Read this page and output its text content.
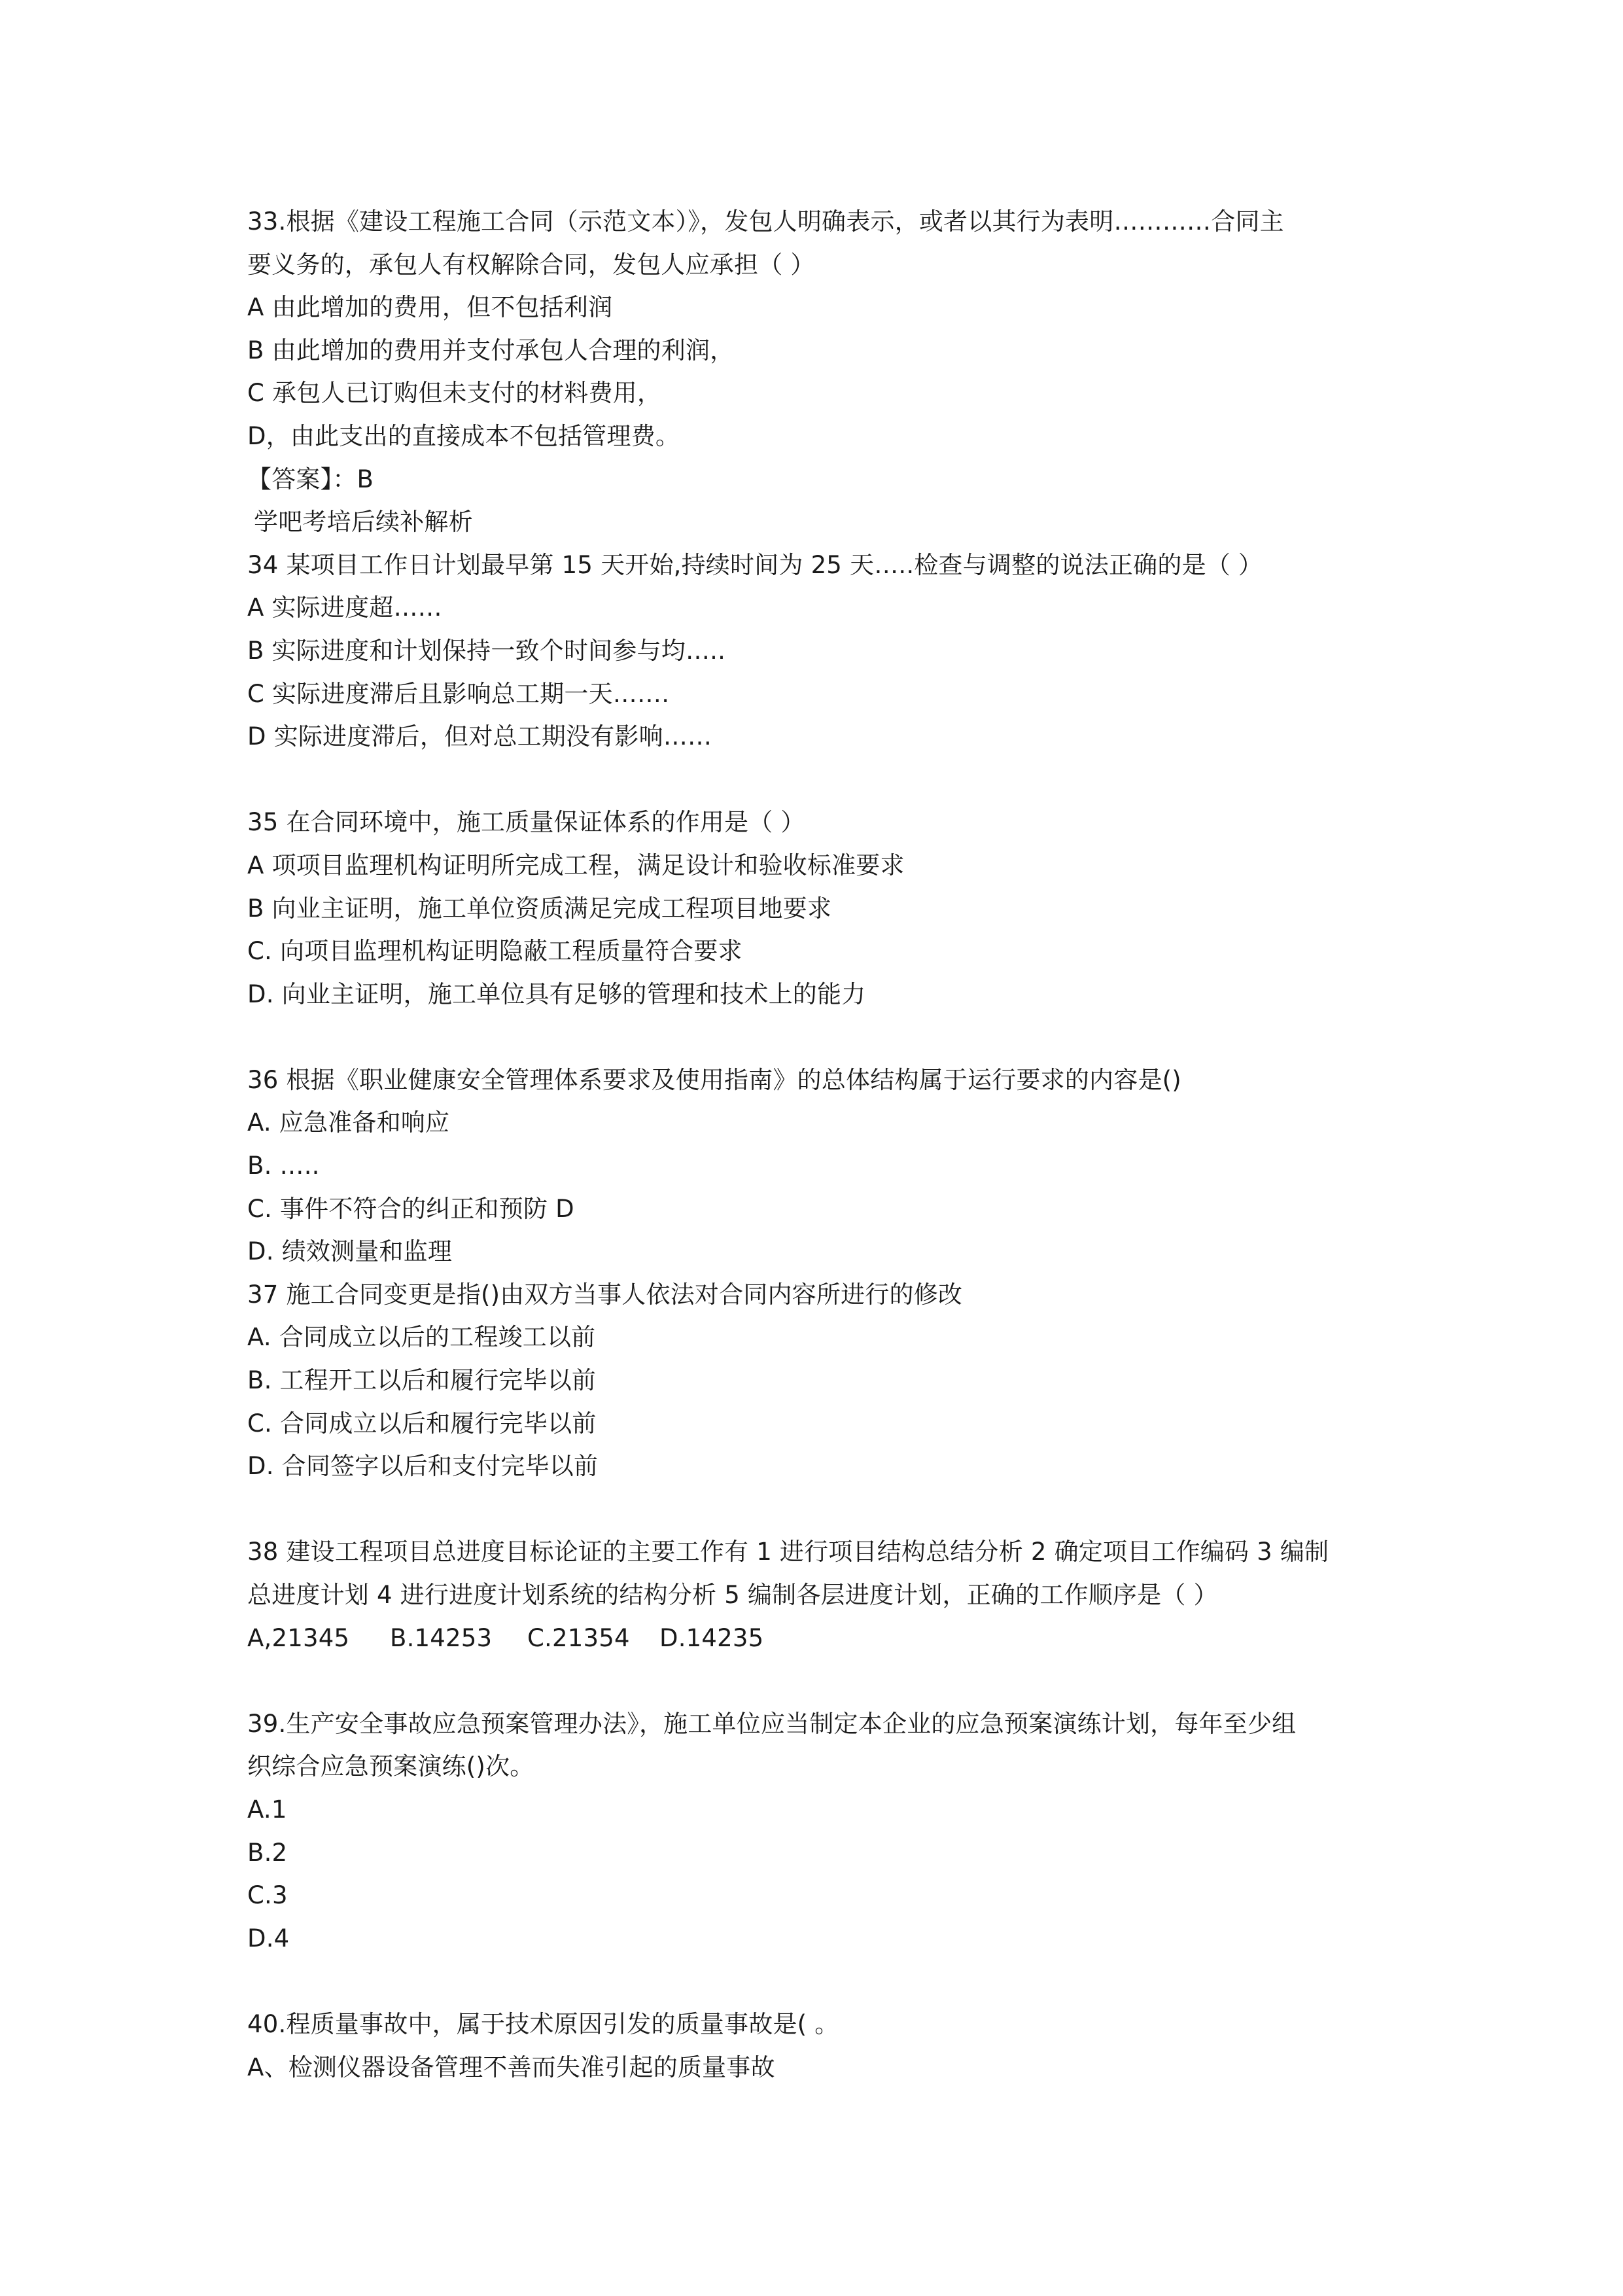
33.根据《建设工程施工合同（示范文本）》，发包人明确表示，或者以其行为表明…………合同主
要义务的，承包人有权解除合同，发包人应承担（ ）
A 由此增加的费用，但不包括利润
B 由此增加的费用并支付承包人合理的利润，
C 承包人已订购但未支付的材料费用，
D，由此支出的直接成本不包括管理费。
【答案】：B
学吧考培后续补解析
34 某项目工作日计划最早第 15 天开始,持续时间为 25 天…..检查与调整的说法正确的是（ ）
A 实际进度超……
B 实际进度和计划保持一致个时间参与均…..
C 实际进度滞后且影响总工期一天…….
D 实际进度滞后，但对总工期没有影响……
35 在合同环境中，施工质量保证体系的作用是（ ）
A 项项目监理机构证明所完成工程，满足设计和验收标准要求
B 向业主证明，施工单位资质满足完成工程项目地要求
C. 向项目监理机构证明隐蔽工程质量符合要求
D. 向业主证明，施工单位具有足够的管理和技术上的能力
36 根据《职业健康安全管理体系要求及使用指南》的总体结构属于运行要求的内容是()
A. 应急准备和响应
B. …..
C. 事件不符合的纠正和预防 D
D. 绩效测量和监理
37 施工合同变更是指()由双方当事人依法对合同内容所进行的修改
A. 合同成立以后的工程竣工以前
B. 工程开工以后和履行完毕以前
C. 合同成立以后和履行完毕以前
D. 合同签字以后和支付完毕以前
38 建设工程项目总进度目标论证的主要工作有 1 进行项目结构总结分析 2 确定项目工作编码 3 编制
总进度计划 4 进行进度计划系统的结构分析 5 编制各层进度计划，正确的工作顺序是（ ）
A,21345 B.14253 C.21354 D.14235
39.生产安全事故应急预案管理办法》，施工单位应当制定本企业的应急预案演练计划，每年至少组
织综合应急预案演练()次。
A.1
B.2
C.3
D.4
40.程质量事故中，属于技术原因引发的质量事故是( 。
A、检测仪器设备管理不善而失准引起的质量事故
